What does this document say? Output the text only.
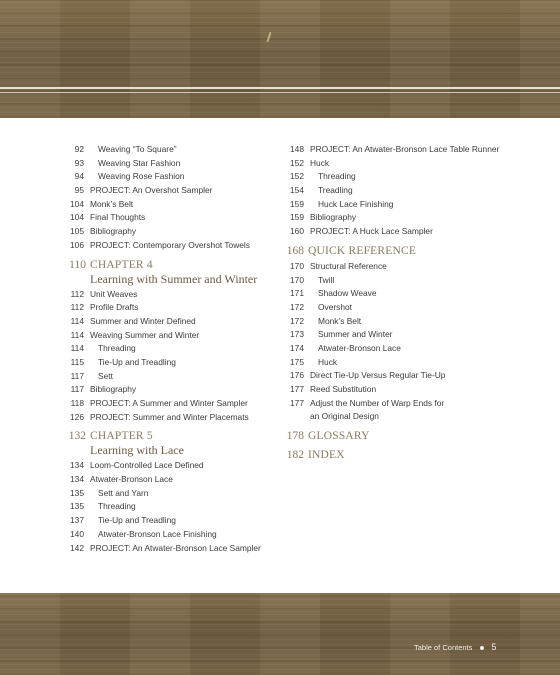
92	Weaving “To Square”
93	Weaving Star Fashion
94	Weaving Rose Fashion
95 PROJECT: An Overshot Sampler
104 Monk’s Belt
104 Final Thoughts
105 Bibliography
106 PROJECT: Contemporary Overshot Towels
110 CHAPTER 4
Learning with Summer and Winter
112 Unit Weaves
112 Profile Drafts
114 Summer and Winter Defined
114 Weaving Summer and Winter
114	Threading
115	Tie-Up and Treadling
117	Sett
117 Bibliography
118 PROJECT: A Summer and Winter Sampler
126 PROJECT: Summer and Winter Placemats
132 CHAPTER 5
Learning with Lace
134 Loom-Controlled Lace Defined
134 Atwater-Bronson Lace
135	Sett and Yarn
135	Threading
137	Tie-Up and Treadling
140	Atwater-Bronson Lace Finishing
142 PROJECT: An Atwater-Bronson Lace Sampler
148 PROJECT: An Atwater-Bronson Lace Table Runner
152 Huck
152	Threading
154	Treadling
159	Huck Lace Finishing
159 Bibliography
160 PROJECT: A Huck Lace Sampler
168 QUICK REFERENCE
170 Structural Reference
170	Twill
171	Shadow Weave
172	Overshot
172	Monk’s Belt
173	Summer and Winter
174	Atwater-Bronson Lace
175	Huck
176 Direct Tie-Up Versus Regular Tie-Up
177 Reed Substitution
177 Adjust the Number of Warp Ends for
an Original Design
178 GLOSSARY
182 INDEX
Table of Contents 5
